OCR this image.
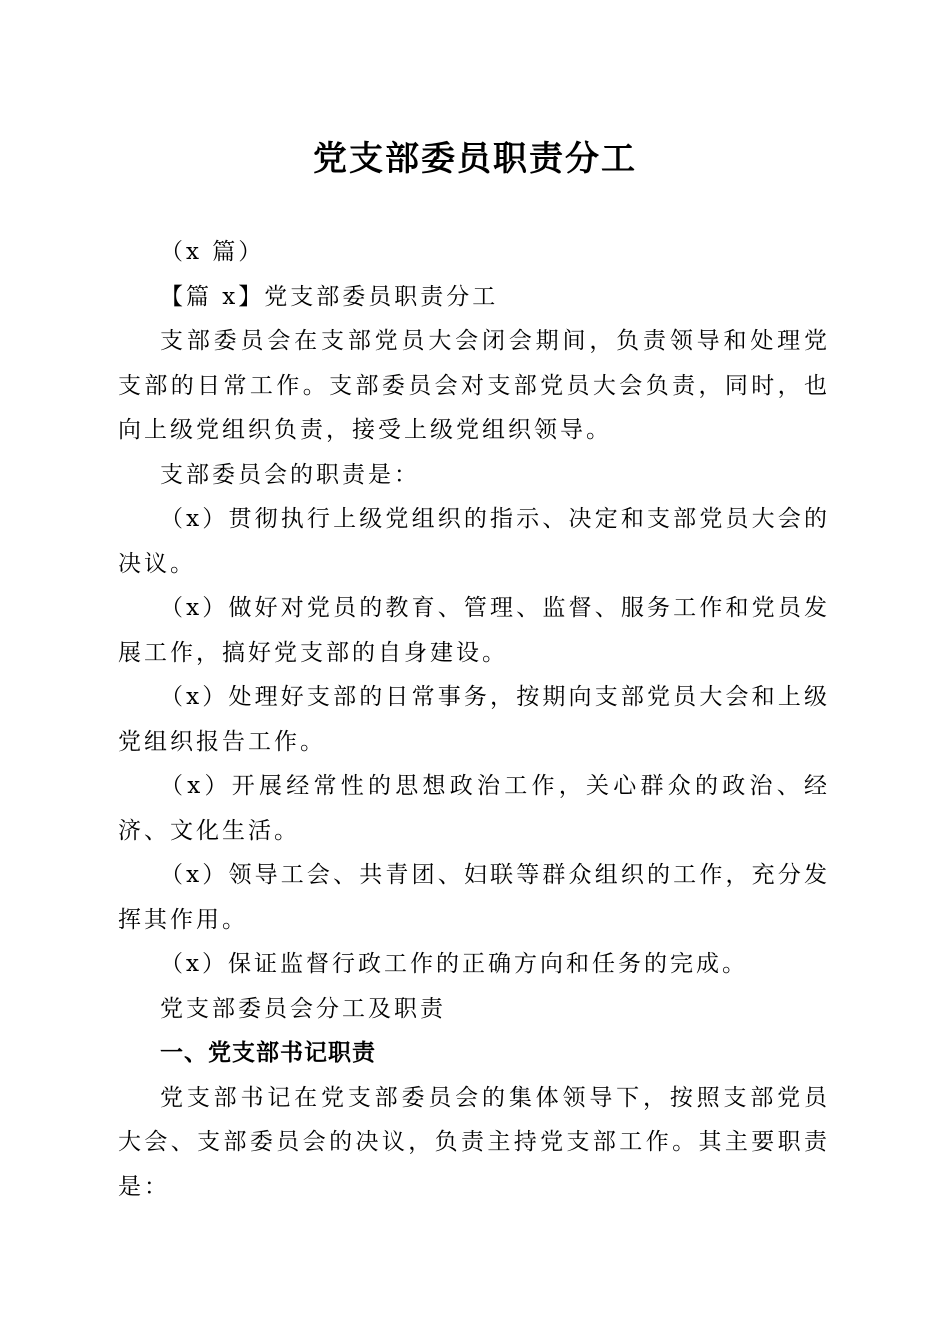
党支部委员职责分工

（x 篇）

【篇 x】党支部委员职责分工

支部委员会在支部党员大会闭会期间，负责领导和处理党支部的日常工作。支部委员会对支部党员大会负责，同时，也向上级党组织负责，接受上级党组织领导。

支部委员会的职责是：

（x）贯彻执行上级党组织的指示、决定和支部党员大会的决议。

（x）做好对党员的教育、管理、监督、服务工作和党员发展工作，搞好党支部的自身建设。

（x）处理好支部的日常事务，按期向支部党员大会和上级党组织报告工作。

（x）开展经常性的思想政治工作，关心群众的政治、经济、文化生活。

（x）领导工会、共青团、妇联等群众组织的工作，充分发挥其作用。

（x）保证监督行政工作的正确方向和任务的完成。

党支部委员会分工及职责

一、党支部书记职责

党支部书记在党支部委员会的集体领导下，按照支部党员大会、支部委员会的决议，负责主持党支部工作。其主要职责是：
